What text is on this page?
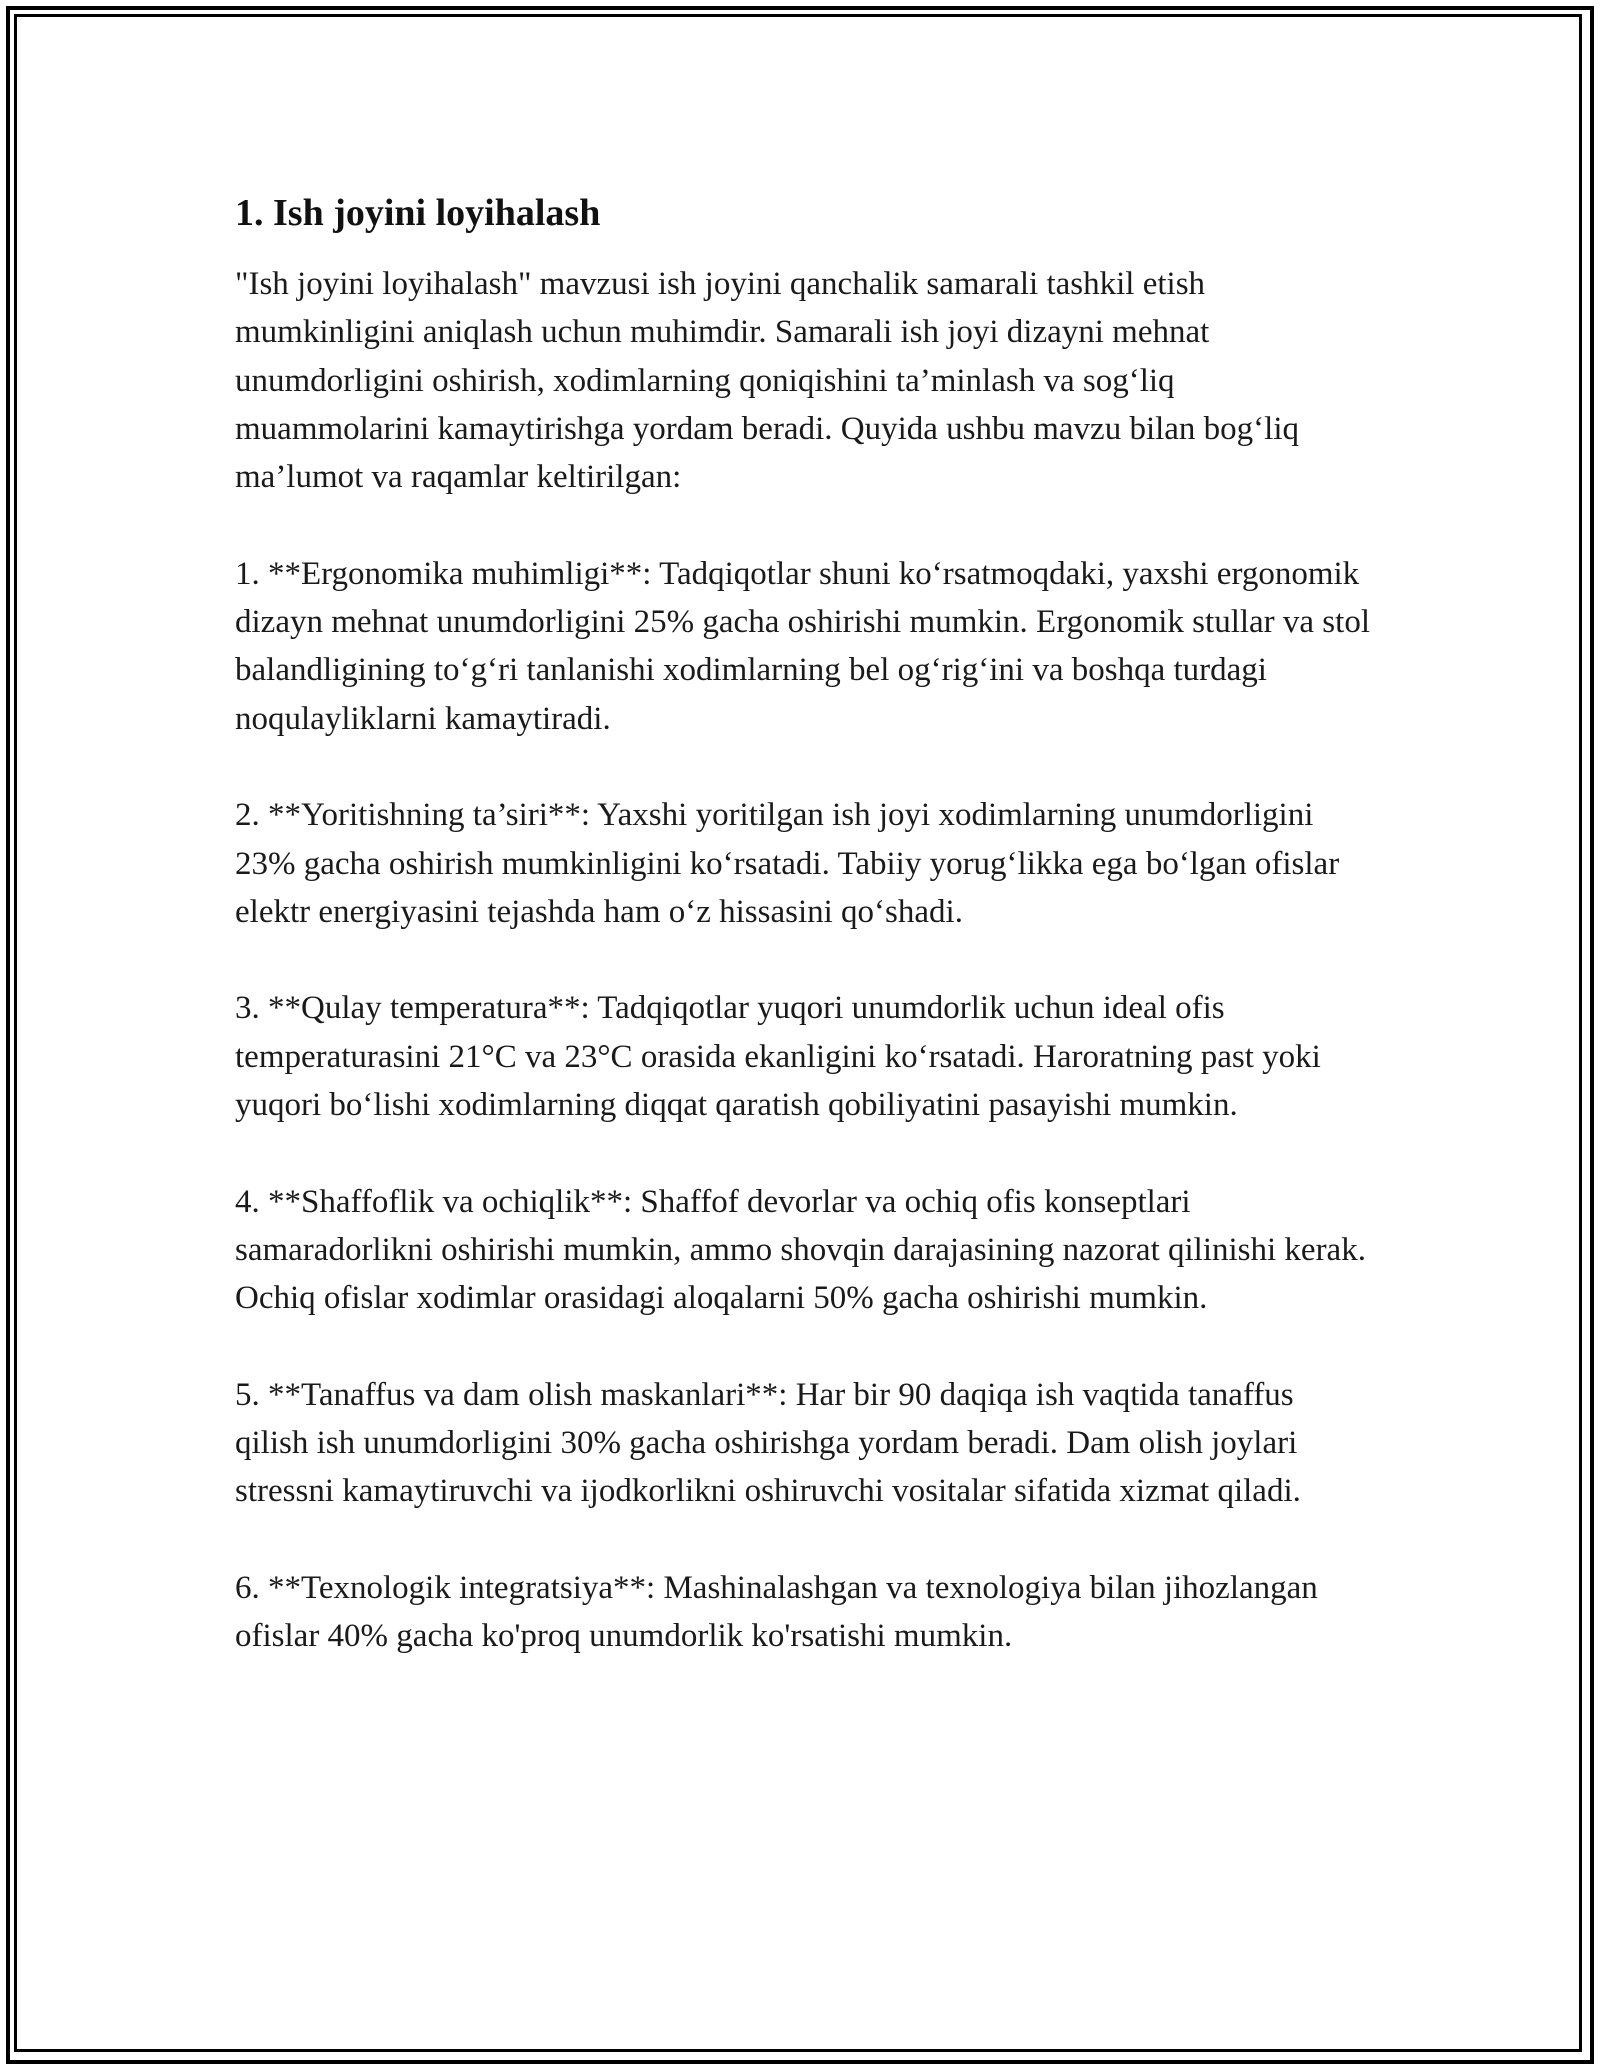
1. Ish joyini loyihalash

"Ish joyini loyihalash" mavzusi ish joyini qanchalik samarali tashkil etish mumkinligini aniqlash uchun muhimdir. Samarali ish joyi dizayni mehnat unumdorligini oshirish, xodimlarning qoniqishini ta’minlash va sog‘liq muammolarini kamaytirishga yordam beradi. Quyida ushbu mavzu bilan bog‘liq ma’lumot va raqamlar keltirilgan:

1. **Ergonomika muhimligi**: Tadqiqotlar shuni ko‘rsatmoqdaki, yaxshi ergonomik dizayn mehnat unumdorligini 25% gacha oshirishi mumkin. Ergonomik stullar va stol balandligining to‘g‘ri tanlanishi xodimlarning bel og‘rig‘ini va boshqa turdagi noqulayliklarni kamaytiradi.

2. **Yoritishning ta’siri**: Yaxshi yoritilgan ish joyi xodimlarning unumdorligini 23% gacha oshirish mumkinligini ko‘rsatadi. Tabiiy yorug‘likka ega bo‘lgan ofislar elektr energiyasini tejashda ham o‘z hissasini qo‘shadi.

3. **Qulay temperatura**: Tadqiqotlar yuqori unumdorlik uchun ideal ofis temperaturasini 21°C va 23°C orasida ekanligini ko‘rsatadi. Haroratning past yoki yuqori bo‘lishi xodimlarning diqqat qaratish qobiliyatini pasayishi mumkin.

4. **Shaffoflik va ochiqlik**: Shaffof devorlar va ochiq ofis konseptlari samaradorlikni oshirishi mumkin, ammo shovqin darajasining nazorat qilinishi kerak. Ochiq ofislar xodimlar orasidagi aloqalarni 50% gacha oshirishi mumkin.

5. **Tanaffus va dam olish maskanlari**: Har bir 90 daqiqa ish vaqtida tanaffus qilish ish unumdorligini 30% gacha oshirishga yordam beradi. Dam olish joylari stressni kamaytiruvchi va ijodkorlikni oshiruvchi vositalar sifatida xizmat qiladi.

6. **Texnologik integratsiya**: Mashinalashgan va texnologiya bilan jihozlangan ofislar 40% gacha ko'proq unumdorlik ko'rsatishi mumkin.
